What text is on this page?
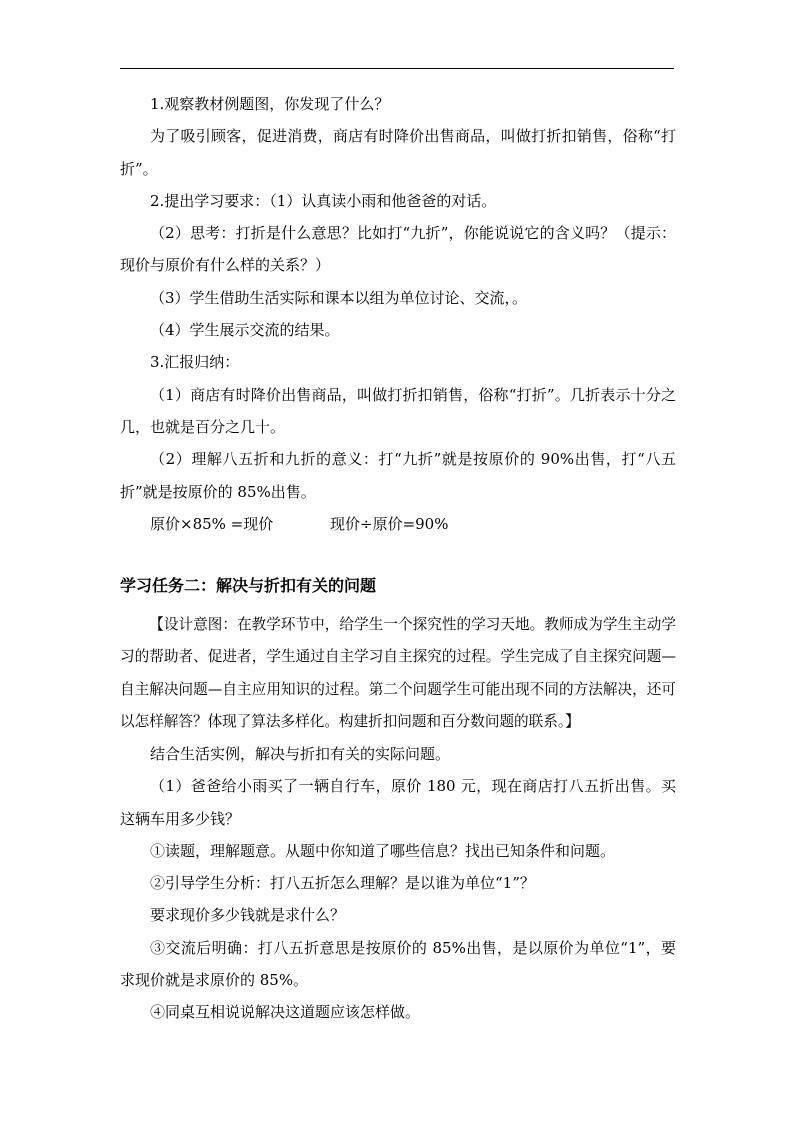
1.观察教材例题图，你发现了什么？

为了吸引顾客，促进消费，商店有时降价出售商品，叫做打折扣销售，俗称“打折”。

2.提出学习要求：（1）认真读小雨和他爸爸的对话。

（2）思考：打折是什么意思？比如打“九折”，你能说说它的含义吗？（提示：现价与原价有什么样的关系？）

（3）学生借助生活实际和课本以组为单位讨论、交流，。

（4）学生展示交流的结果。

3.汇报归纳：

（1）商店有时降价出售商品，叫做打折扣销售，俗称“打折”。几折表示十分之几，也就是百分之几十。

（2）理解八五折和九折的意义：打“九折”就是按原价的 90%出售，打“八五折”就是按原价的 85%出售。

原价×85% =现价	现价÷原价=90%

学习任务二：解决与折扣有关的问题

【设计意图：在教学环节中，给学生一个探究性的学习天地。教师成为学生主动学习的帮助者、促进者，学生通过自主学习自主探究的过程。学生完成了自主探究问题—自主解决问题—自主应用知识的过程。第二个问题学生可能出现不同的方法解决，还可以怎样解答？体现了算法多样化。构建折扣问题和百分数问题的联系。】

结合生活实例，解决与折扣有关的实际问题。

（1）爸爸给小雨买了一辆自行车，原价 180 元，现在商店打八五折出售。买这辆车用多少钱？

①读题，理解题意。从题中你知道了哪些信息？找出已知条件和问题。

②引导学生分析：打八五折怎么理解？是以谁为单位“1”？

要求现价多少钱就是求什么？

③交流后明确：打八五折意思是按原价的 85%出售，是以原价为单位“1”，要求现价就是求原价的 85%。

④同桌互相说说解决这道题应该怎样做。
